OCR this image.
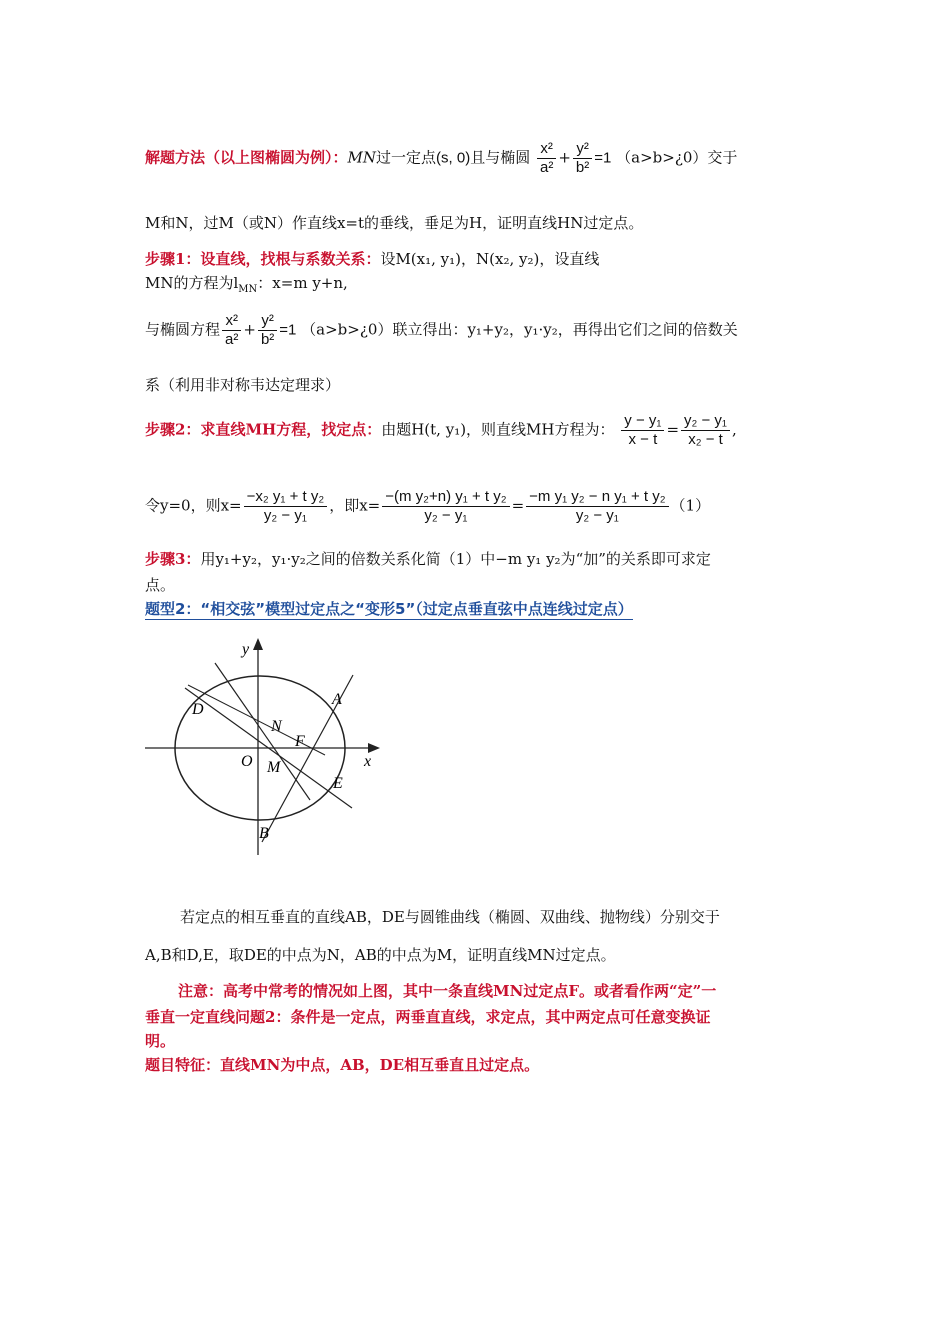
解题方法（以上图椭圆为例）：MN过一定点(s, 0)且与椭圆 $\frac{\text{x²}}{\text{a²}} + \frac{\text{y²}}{\text{b²}} =1$ （a>b>¿0）交于
M和N，过M（或N）作直线x=t的垂线，垂足为H，证明直线HN过定点。
步骤1：设直线，找根与系数关系：设M(x₁, y₁)，N(x₂, y₂)，设直线
MN的方程为$l_{MN}$：x=m y+n,
与椭圆方程 $\frac{\text{x²}}{\text{a²}} + \frac{\text{y²}}{\text{b²}} =1$ （a>b>¿0）联立得出：y₁+y₂，y₁·y₂，再得出它们之间的倍数关
系（利用非对称韦达定理求）
步骤2：求直线MH方程，找定点：由题H(t, y₁)，则直线MH方程为： $\frac{\text{y − y₁}}{x - t} = \frac{\text{y₂ − y₁}}{\text{x₂ − t}}$ ,
令y=0，则$x= \frac{\text{−x₂ y₁ + t y₂}}{\text{y₂ − y₁}}$ ，即$x= \frac{\text{−(m y₂+n) y₁ + t y₂}}{\text{y₂ − y₁}} = \frac{\text{−m y₁ y₂ − n y₁ + t y₂}}{\text{y₂ − y₁}} (1)$
步骤3：用y₁+y₂，y₁·y₂之间的倍数关系化简（1）中−m y₁ y₂为“加”的关系即可求定
点。
题型2：“相交弦”模型过定点之“变形5”（过定点垂直弦中点连线过定点）
y
x
O
A
B
D
E
N
M
F
若定点的相互垂直的直线AB，DE与圆锥曲线（椭圆、双曲线、抛物线）分别交于
A,B和D,E，取DE的中点为N，AB的中点为M，证明直线MN过定点。
注意：高考中常考的情况如上图，其中一条直线MN过定点F。或者看作两“定”一
垂直一定直线问题2：条件是一定点，两垂直直线，求定点，其中两定点可任意变换证
明。
题目特征：直线MN为中点，AB，DE相互垂直且过定点。
